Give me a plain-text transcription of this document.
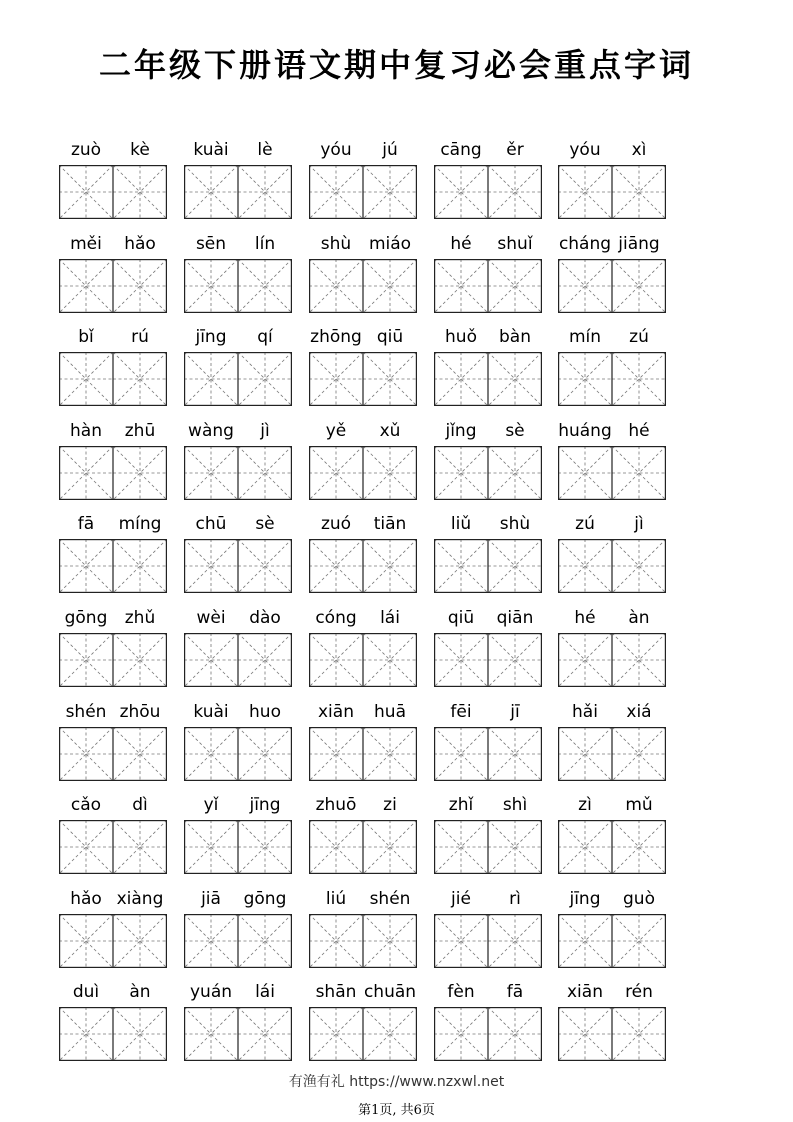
二年级下册语文期中复习必会重点字词
zuò	kè	kuài	lè	yóu	jú	cāng	ěr	yóu	xì
měi	hǎo	sēn	lín	shù	miáo	hé	shuǐ	cháng jiāng
bǐ	rú	jīng	qí	zhōng qiū	huǒ	bàn	mín	zú
hàn	zhū	wàng	jì	yě	xǔ	jǐng	sè	huáng hé
fā	míng	chū	sè	zuó	tiān	liǔ	shù	zú	jì
gōng	zhǔ	wèi	dào	cóng	lái	qiū	qiān	hé	àn
shén zhōu	kuài	huo	xiān	huā	fēi	jī	hǎi	xiá
cǎo	dì	yǐ	jīng	zhuō	zi	zhǐ	shì	zì	mǔ
hǎo xiàng	jiā	gōng	liú	shén	jié	rì	jīng	guò
duì	àn	yuán	lái	shān chuān	fèn	fā	xiān	rén
有渔有礼 https://www.nzxwl.net
第1页, 共6页
